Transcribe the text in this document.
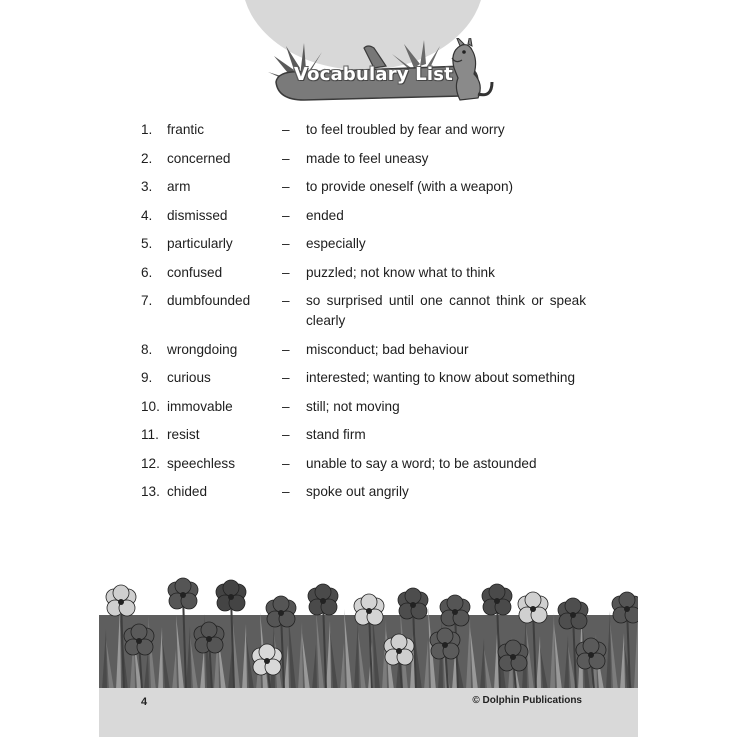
Vocabulary List
1.	frantic	–	to feel troubled by fear and worry
2.	concerned	–	made to feel uneasy
3.	arm	–	to provide oneself (with a weapon)
4.	dismissed	–	ended
5.	particularly	–	especially
6.	confused	–	puzzled; not know what to think
7.	dumbfounded	–	so surprised until one cannot think or speak clearly
8.	wrongdoing	–	misconduct; bad behaviour
9.	curious	–	interested; wanting to know about something
10. immovable	–	still; not moving
11. resist	–	stand firm
12. speechless	–	unable to say a word; to be astounded
13. chided	–	spoke out angrily
4	© Dolphin Publications
